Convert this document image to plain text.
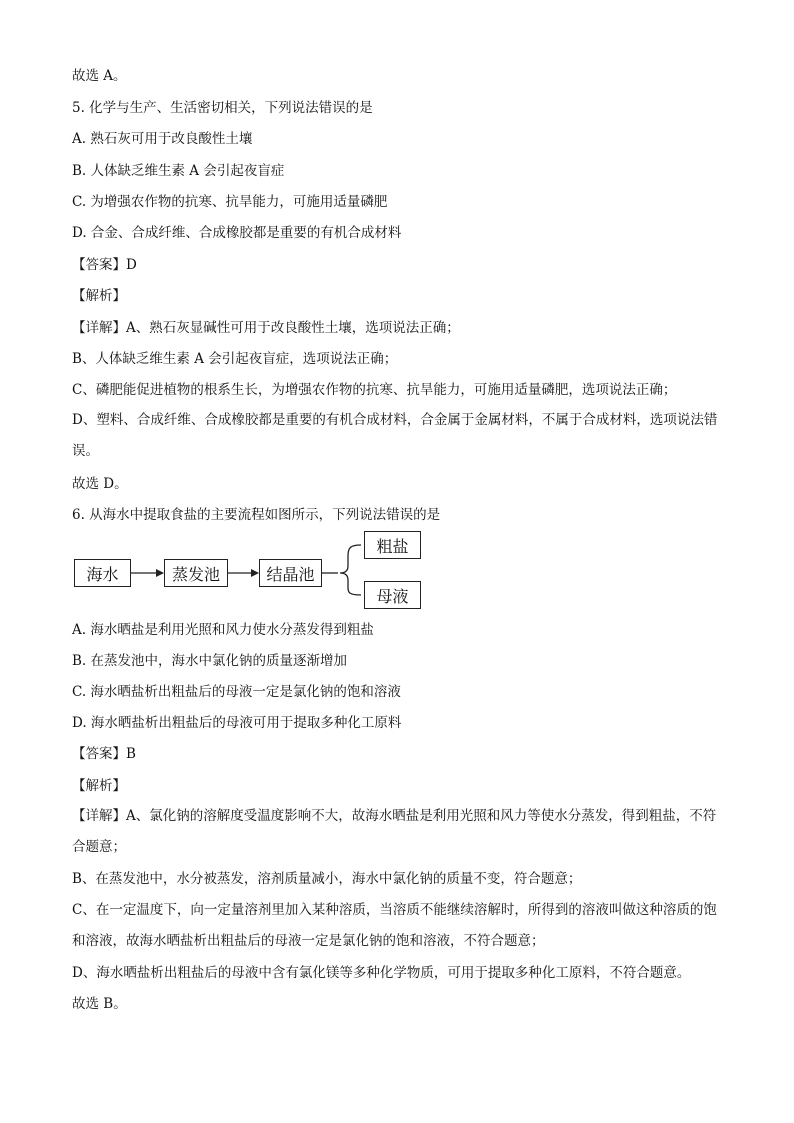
故选 A。
5. 化学与生产、生活密切相关，下列说法错误的是
A. 熟石灰可用于改良酸性土壤
B. 人体缺乏维生素 A 会引起夜盲症
C. 为增强农作物的抗寒、抗旱能力，可施用适量磷肥
D. 合金、合成纤维、合成橡胶都是重要的有机合成材料
【答案】D
【解析】
【详解】A、熟石灰显碱性可用于改良酸性土壤，选项说法正确；
B、人体缺乏维生素 A 会引起夜盲症，选项说法正确；
C、磷肥能促进植物的根系生长，为增强农作物的抗寒、抗旱能力，可施用适量磷肥，选项说法正确；
D、塑料、合成纤维、合成橡胶都是重要的有机合成材料，合金属于金属材料，不属于合成材料，选项说法错误。
故选 D。
6. 从海水中提取食盐的主要流程如图所示，下列说法错误的是
海水	蒸发池	结晶池
粗盐
母液
A. 海水晒盐是利用光照和风力使水分蒸发得到粗盐
B. 在蒸发池中，海水中氯化钠的质量逐渐增加
C. 海水晒盐析出粗盐后的母液一定是氯化钠的饱和溶液
D. 海水晒盐析出粗盐后的母液可用于提取多种化工原料
【答案】B
【解析】
【详解】A、氯化钠的溶解度受温度影响不大，故海水晒盐是利用光照和风力等使水分蒸发，得到粗盐，不符合题意；
B、在蒸发池中，水分被蒸发，溶剂质量减小，海水中氯化钠的质量不变，符合题意；
C、在一定温度下，向一定量溶剂里加入某种溶质，当溶质不能继续溶解时，所得到的溶液叫做这种溶质的饱和溶液，故海水晒盐析出粗盐后的母液一定是氯化钠的饱和溶液，不符合题意；
D、海水晒盐析出粗盐后的母液中含有氯化镁等多种化学物质，可用于提取多种化工原料，不符合题意。
故选 B。
